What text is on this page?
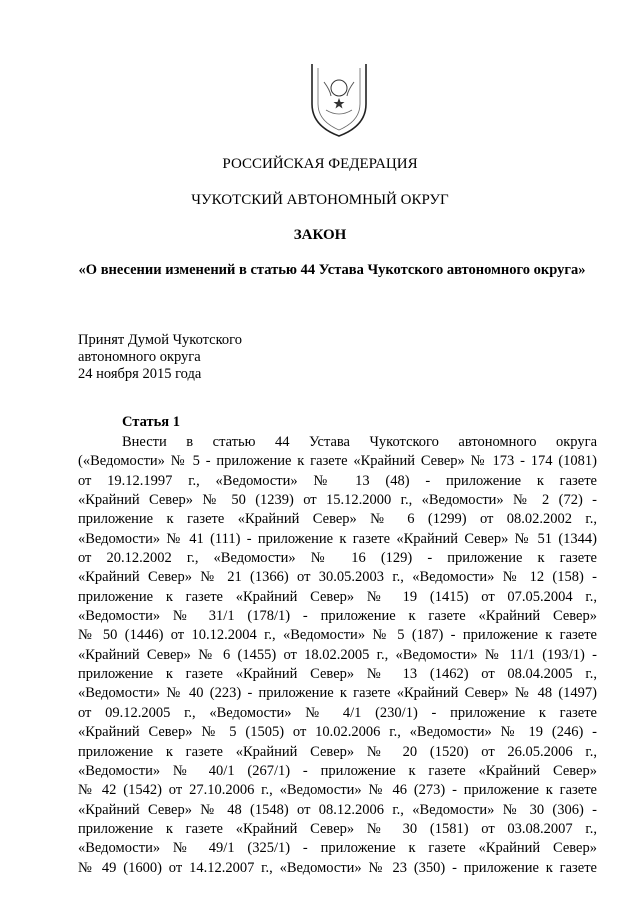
РОССИЙСКАЯ ФЕДЕРАЦИЯ
ЧУКОТСКИЙ АВТОНОМНЫЙ ОКРУГ
ЗАКОН
«О внесении изменений в статью 44 Устава Чукотского автономного округа»
Принят Думой Чукотского
автономного округа
24 ноября 2015 года
Статья 1
Внести в статью 44 Устава Чукотского автономного округа
(«Ведомости» № 5 - приложение к газете «Крайний Север» № 173 - 174 (1081)
от 19.12.1997 г., «Ведомости» № 13 (48) - приложение к газете
«Крайний Север» № 50 (1239) от 15.12.2000 г., «Ведомости» № 2 (72) -
приложение к газете «Крайний Север» № 6 (1299) от 08.02.2002 г.,
«Ведомости» № 41 (111) - приложение к газете «Крайний Север» № 51 (1344)
от 20.12.2002 г., «Ведомости» № 16 (129) - приложение к газете
«Крайний Север» № 21 (1366) от 30.05.2003 г., «Ведомости» № 12 (158) -
приложение к газете «Крайний Север» № 19 (1415) от 07.05.2004 г.,
«Ведомости» № 31/1 (178/1) - приложение к газете «Крайний Север»
№ 50 (1446) от 10.12.2004 г., «Ведомости» № 5 (187) - приложение к газете
«Крайний Север» № 6 (1455) от 18.02.2005 г., «Ведомости» № 11/1 (193/1) -
приложение к газете «Крайний Север» № 13 (1462) от 08.04.2005 г.,
«Ведомости» № 40 (223) - приложение к газете «Крайний Север» № 48 (1497)
от 09.12.2005 г., «Ведомости» № 4/1 (230/1) - приложение к газете
«Крайний Север» № 5 (1505) от 10.02.2006 г., «Ведомости» № 19 (246) -
приложение к газете «Крайний Север» № 20 (1520) от 26.05.2006 г.,
«Ведомости» № 40/1 (267/1) - приложение к газете «Крайний Север»
№ 42 (1542) от 27.10.2006 г., «Ведомости» № 46 (273) - приложение к газете
«Крайний Север» № 48 (1548) от 08.12.2006 г., «Ведомости» № 30 (306) -
приложение к газете «Крайний Север» № 30 (1581) от 03.08.2007 г.,
«Ведомости» № 49/1 (325/1) - приложение к газете «Крайний Север»
№ 49 (1600) от 14.12.2007 г., «Ведомости» № 23 (350) - приложение к газете
